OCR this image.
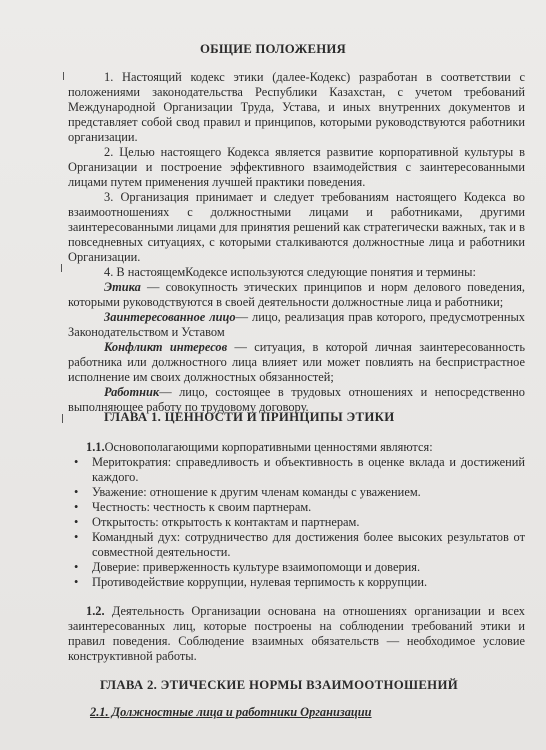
ОБЩИЕ ПОЛОЖЕНИЯ

1. Настоящий кодекс этики (далее-Кодекс) разработан в соответствии с положениями законодательства Республики Казахстан, с учетом требований Международной Организации Труда, Устава, и иных внутренних документов и представляет собой свод правил и принципов, которыми руководствуются работники организации.

2. Целью настоящего Кодекса является развитие корпоративной культуры в Организации и построение эффективного взаимодействия с заинтересованными лицами путем применения лучшей практики поведения.

3. Организация принимает и следует требованиям настоящего Кодекса во взаимоотношениях с должностными лицами и работниками, другими заинтересованными лицами для принятия решений как стратегически важных, так и в повседневных ситуациях, с которыми сталкиваются должностные лица и работники Организации.

4. В настоящемКодексе используются следующие понятия и термины:

Этика — совокупность этических принципов и норм делового поведения, которыми руководствуются в своей деятельности должностные лица и работники;

Заинтересованное лицо— лицо, реализация прав которого, предусмотренных Законодательством и Уставом

Конфликт интересов — ситуация, в которой личная заинтересованность работника или должностного лица влияет или может повлиять на беспристрастное исполнение им своих должностных обязанностей;

Работник— лицо, состоящее в трудовых отношениях и непосредственно выполняющее работу по трудовому договору.

ГЛАВА 1. ЦЕННОСТИ И ПРИНЦИПЫ ЭТИКИ

1.1.Основополагающими корпоративными ценностями являются:

• Меритократия: справедливость и объективность в оценке вклада и достижений каждого.
• Уважение: отношение к другим членам команды с уважением.
• Честность: честность к своим партнерам.
• Открытость: открытость к контактам и партнерам.
• Командный дух: сотрудничество для достижения более высоких результатов от совместной деятельности.
• Доверие: приверженность культуре взаимопомощи и доверия.
• Противодействие коррупции, нулевая терпимость к коррупции.

1.2. Деятельность Организации основана на отношениях организации и всех заинтересованных лиц, которые построены на соблюдении требований этики и правил поведения. Соблюдение взаимных обязательств — необходимое условие конструктивной работы.

ГЛАВА 2. ЭТИЧЕСКИЕ НОРМЫ ВЗАИМООТНОШЕНИЙ
2.1. Должностные лица и работники Организации
